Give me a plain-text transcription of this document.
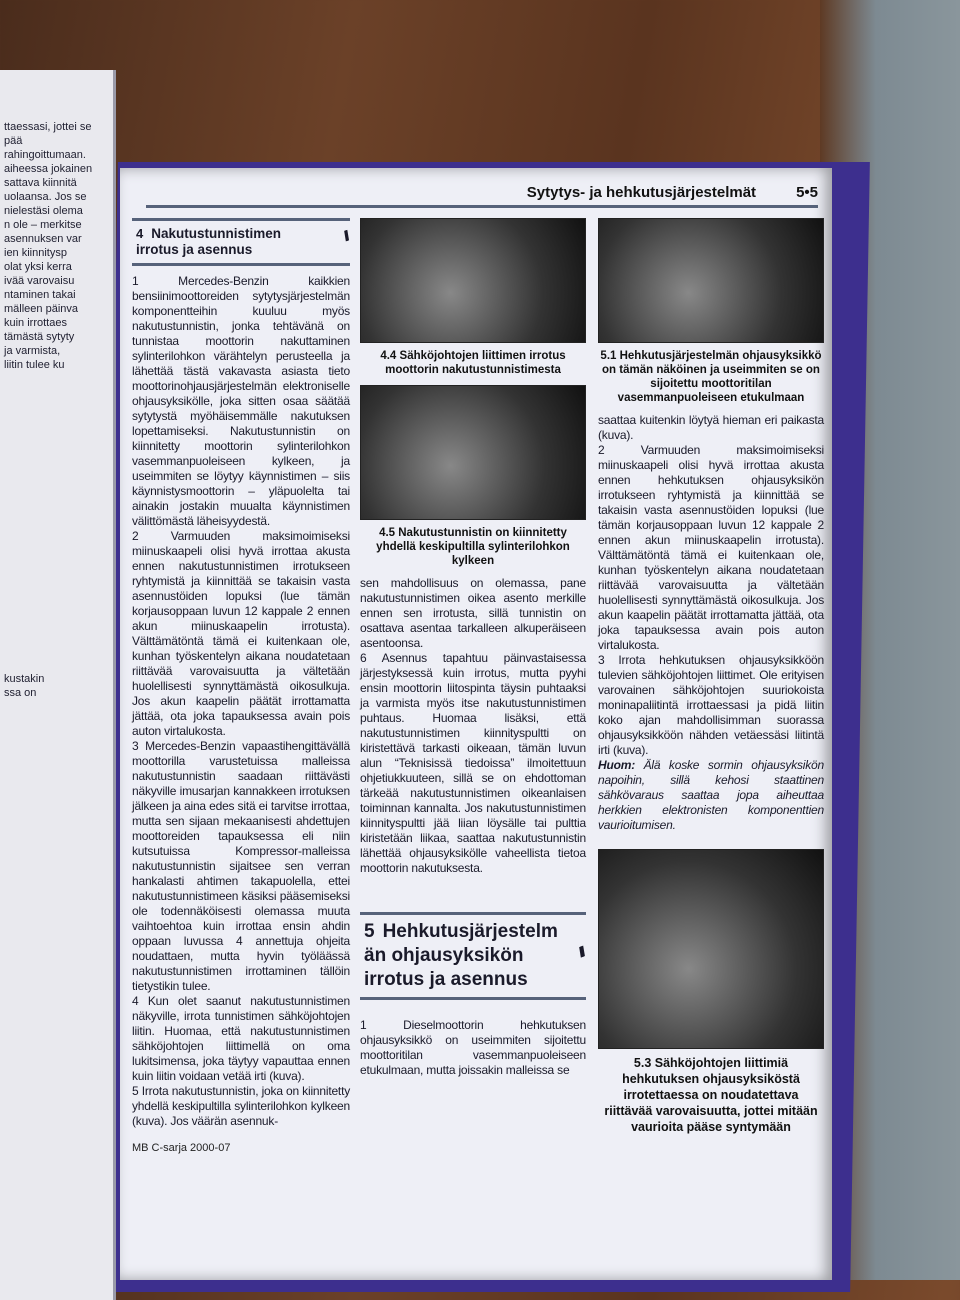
ttaessasi, jottei se pää
rahingoittumaan.
aiheessa jokainen
sattava kiinnitä
uolaansa. Jos se
nielestäsi olema
n ole – merkitse
asennuksen var
ien kiinnitysp
olat yksi kerra
ivää varovaisu
ntaminen takai
mälleen päinva
kuin irrottaes
tämästä sytyty
ja varmista,
liitin tulee ku
kustakin
ssa on
Sytytys- ja hehkutusjärjestelmät	5•5
4 Nakutustunnistimen irrotus ja asennus
///

1 Mercedes-Benzin kaikkien bensiinimoottoreiden sytytysjärjestelmän komponentteihin kuuluu myös nakutustunnistin, jonka tehtävänä on tunnistaa moottorin nakuttaminen sylinterilohkon värähtelyn perusteella ja lähettää tästä vakavasta asiasta tieto moottorinohjausjärjestelmän elektroniselle ohjausyksikölle, joka sitten osaa säätää sytytystä myöhäisemmälle nakutuksen lopettamiseksi. Nakutustunnistin on kiinnitetty moottorin sylinterilohkon vasemmanpuoleiseen kylkeen, ja useimmiten se löytyy käynnistimen – siis käynnistysmoottorin – yläpuolelta tai ainakin jostakin muualta käynnistimen välittömästä läheisyydestä.

2 Varmuuden maksimoimiseksi miinuskaapeli olisi hyvä irrottaa akusta ennen nakutustunnistimen irrotukseen ryhtymistä ja kiinnittää se takaisin vasta asennustöiden lopuksi (lue tämän korjausoppaan luvun 12 kappale 2 ennen akun miinuskaapelin irrotusta). Välttämätöntä tämä ei kuitenkaan ole, kunhan työskentelyn aikana noudatetaan riittävää varovaisuutta ja vältetään huolellisesti synnyttämästä oikosulkuja. Jos akun kaapelin päätät irrottamatta jättää, ota joka tapauksessa avain pois auton virtalukosta.

3 Mercedes-Benzin vapaastihengittävällä moottorilla varustetuissa malleissa nakutustunnistin saadaan riittävästi näkyville imusarjan kannakkeen irrotuksen jälkeen ja aina edes sitä ei tarvitse irrottaa, mutta sen sijaan mekaanisesti ahdettujen moottoreiden tapauksessa eli niin kutsutuissa Kompressor-malleissa nakutustunnistin sijaitsee sen verran hankalasti ahtimen takapuolella, ettei nakutustunnistimeen käsiksi pääsemiseksi ole todennäköisesti olemassa muuta vaihtoehtoa kuin irrottaa ensin ahdin oppaan luvussa 4 annettuja ohjeita noudattaen, mutta hyvin työläässä nakutustunnistimen irrottaminen tällöin tietystikin tulee.

4 Kun olet saanut nakutustunnistimen näkyville, irrota tunnistimen sähköjohtojen liitin. Huomaa, että nakutustunnistimen sähköjohtojen liittimellä on oma lukitsimensa, joka täytyy vapauttaa ennen kuin liitin voidaan vetää irti (kuva).

5 Irrota nakutustunnistin, joka on kiinnitetty yhdellä keskipultilla sylinterilohkon kylkeen (kuva). Jos väärän asennuk-

MB C-sarja 2000-07
4.4 Sähköjohtojen liittimen irrotus moottorin nakutustunnistimesta
4.5 Nakutustunnistin on kiinnitetty yhdellä keskipultilla sylinterilohkon kylkeen

sen mahdollisuus on olemassa, pane nakutustunnistimen oikea asento merkille ennen sen irrotusta, sillä tunnistin on osattava asentaa tarkalleen alkuperäiseen asentoonsa.

6 Asennus tapahtuu päinvastaisessa järjestyksessä kuin irrotus, mutta pyyhi ensin moottorin liitospinta täysin puhtaaksi ja varmista myös itse nakutustunnistimen puhtaus. Huomaa lisäksi, että nakutustunnistimen kiinnityspultti on kiristettävä tarkasti oikeaan, tämän luvun alun “Teknisissä tiedoissa” ilmoitettuun ohjetiukkuuteen, sillä se on ehdottoman tärkeää nakutustunnistimen oikeanlaisen toiminnan kannalta. Jos nakutustunnistimen kiinnityspultti jää liian löysälle tai pulttia kiristetään liikaa, saattaa nakutustunnistin lähettää ohjausyksikölle vaheellista tietoa moottorin nakutuksesta.

5 Hehkutusjärjestelmän ohjausyksikön irrotus ja asennus
////

1 Dieselmoottorin hehkutuksen ohjausyksikkö on useimmiten sijoitettu moottoritilan vasemmanpuoleiseen etukulmaan, mutta joissakin malleissa se

5.1 Hehkutusjärjestelmän ohjausyksikkö on tämän näköinen ja useimmiten se on sijoitettu moottoritilan vasemmanpuoleiseen etukulmaan

saattaa kuitenkin löytyä hieman eri paikasta (kuva).

2 Varmuuden maksimoimiseksi miinuskaapeli olisi hyvä irrottaa akusta ennen hehkutuksen ohjausyksikön irrotukseen ryhtymistä ja kiinnittää se takaisin vasta asennustöiden lopuksi (lue tämän korjausoppaan luvun 12 kappale 2 ennen akun miinuskaapelin irrotusta). Välttämätöntä tämä ei kuitenkaan ole, kunhan työskentelyn aikana noudatetaan riittävää varovaisuutta ja vältetään huolellisesti synnyttämästä oikosulkuja. Jos akun kaapelin päätät irrottamatta jättää, ota joka tapauksessa avain pois auton virtalukosta.

3 Irrota hehkutuksen ohjausyksikköön tulevien sähköjohtojen liittimet. Ole erityisen varovainen sähköjohtojen suuriokoista moninapaliitintä irrottaessasi ja pidä liitin koko ajan mahdollisimman suorassa ohjausyksikköön nähden vetäessäsi liitintä irti (kuva).

Huom: Älä koske sormin ohjausyksikön napoihin, sillä kehosi staattinen sähkövaraus saattaa jopa aiheuttaa herkkien elektronisten komponenttien vaurioitumisen.

5.3 Sähköjohtojen liittimiä hehkutuksen ohjausyksiköstä irrotettaessa on noudatettava riittävää varovaisuutta, jottei mitään vaurioita pääse syntymään
